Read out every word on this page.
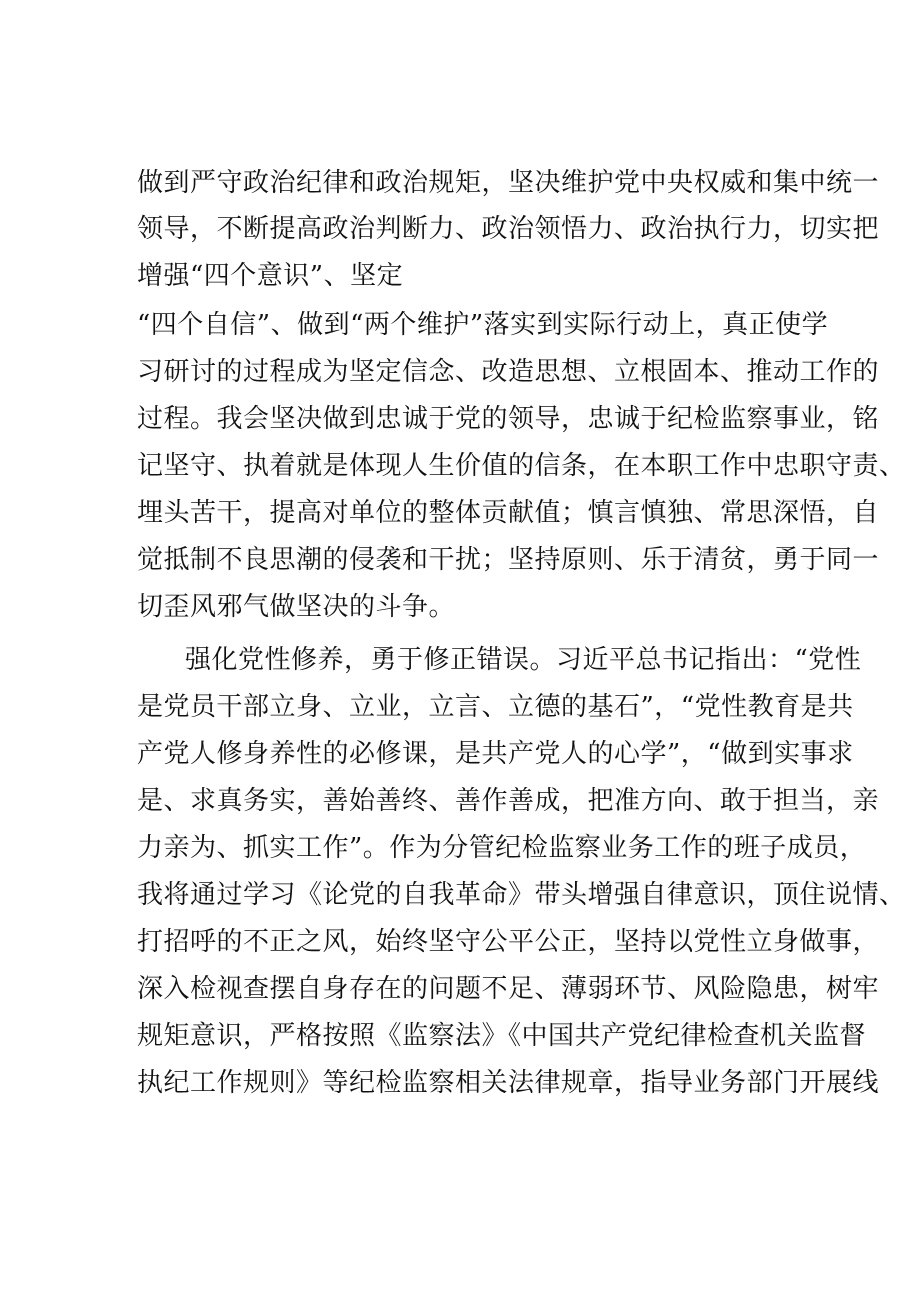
做到严守政治纪律和政治规矩，坚决维护党中央权威和集中统一
领导，不断提高政治判断力、政治领悟力、政治执行力，切实把
增强“四个意识”、坚定
“四个自信”、做到“两个维护”落实到实际行动上，真正使学
习研讨的过程成为坚定信念、改造思想、立根固本、推动工作的
过程。我会坚决做到忠诚于党的领导，忠诚于纪检监察事业，铭
记坚守、执着就是体现人生价值的信条，在本职工作中忠职守责、
埋头苦干，提高对单位的整体贡献值；慎言慎独、常思深悟，自
觉抵制不良思潮的侵袭和干扰；坚持原则、乐于清贫，勇于同一
切歪风邪气做坚决的斗争。
强化党性修养，勇于修正错误。习近平总书记指出：“党性
是党员干部立身、立业，立言、立德的基石”，“党性教育是共
产党人修身养性的必修课，是共产党人的心学”，“做到实事求
是、求真务实，善始善终、善作善成，把准方向、敢于担当，亲
力亲为、抓实工作”。作为分管纪检监察业务工作的班子成员，
我将通过学习《论党的自我革命》带头增强自律意识，顶住说情、
打招呼的不正之风，始终坚守公平公正，坚持以党性立身做事，
深入检视查摆自身存在的问题不足、薄弱环节、风险隐患，树牢
规矩意识，严格按照《监察法》《中国共产党纪律检查机关监督
执纪工作规则》等纪检监察相关法律规章，指导业务部门开展线
